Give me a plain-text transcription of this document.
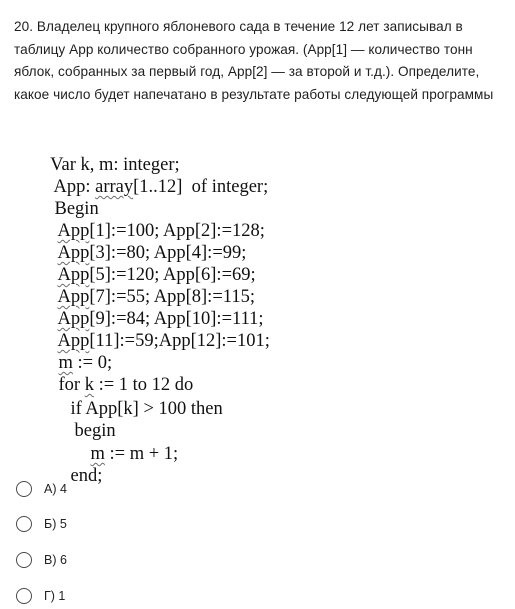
20. Владелец крупного яблоневого сада в течение 12 лет записывал в
таблицу App количество собранного урожая. (App[1] — количество тонн
яблок, собранных за первый год, App[2] — за второй и т.д.). Определите,
какое число будет напечатано в результате работы следующей программы

Var k, m: integer;

App: array[1..12]  of integer;

Begin

App[1]:=100; App[2]:=128;

App[3]:=80; App[4]:=99;

App[5]:=120; App[6]:=69;

App[7]:=55; App[8]:=115;

App[9]:=84; App[10]:=111;

App[11]:=59;App[12]:=101;

m := 0;

for k := 1 to 12 do

if App[k] > 100 then

begin

m := m + 1;

end;

А) 4
Б) 5
В) 6
Г) 1
